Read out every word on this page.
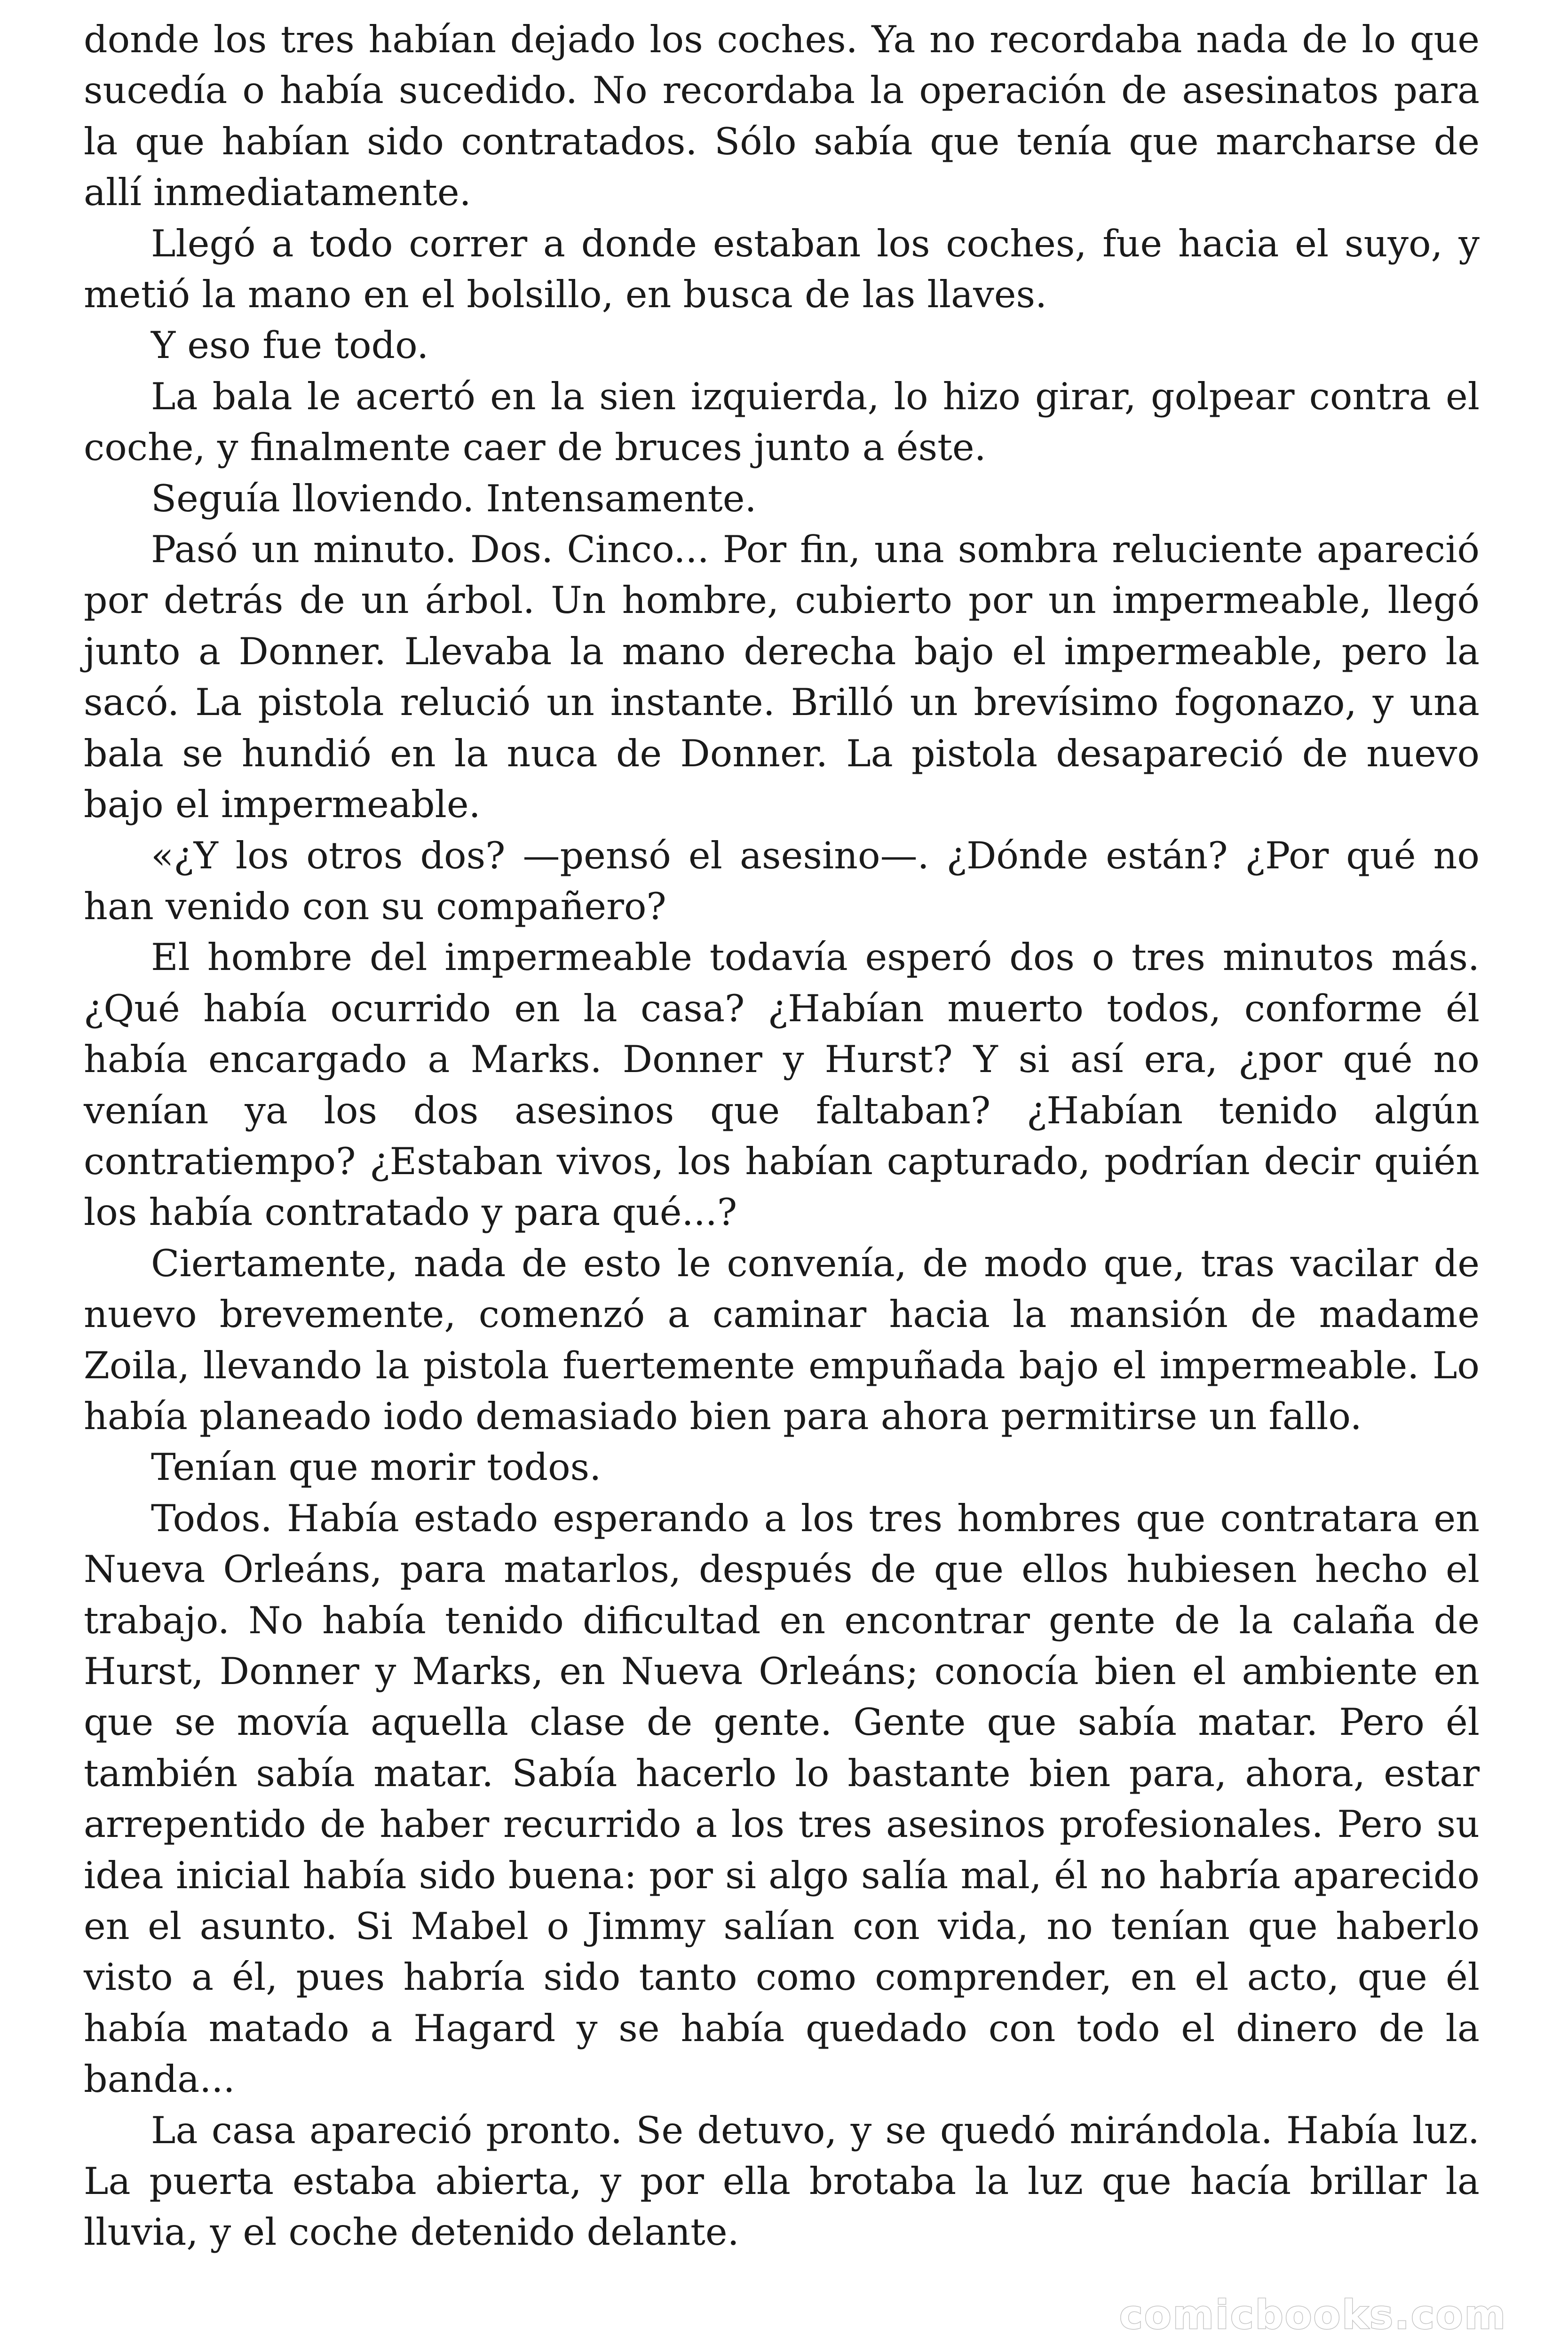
donde los tres habían dejado los coches. Ya no recordaba nada de lo que sucedía o había sucedido. No recordaba la operación de asesinatos para la que habían sido contratados. Sólo sabía que tenía que marcharse de allí inmediatamente.

Llegó a todo correr a donde estaban los coches, fue hacia el suyo, y metió la mano en el bolsillo, en busca de las llaves.

Y eso fue todo.

La bala le acertó en la sien izquierda, lo hizo girar, golpear contra el coche, y finalmente caer de bruces junto a éste.

Seguía lloviendo. Intensamente.

Pasó un minuto. Dos. Cinco... Por fin, una sombra reluciente apareció por detrás de un árbol. Un hombre, cubierto por un impermeable, llegó junto a Donner. Llevaba la mano derecha bajo el impermeable, pero la sacó. La pistola relució un instante. Brilló un brevísimo fogonazo, y una bala se hundió en la nuca de Donner. La pistola desapareció de nuevo bajo el impermeable.

«¿Y los otros dos? —pensó el asesino—. ¿Dónde están? ¿Por qué no han venido con su compañero?

El hombre del impermeable todavía esperó dos o tres minutos más. ¿Qué había ocurrido en la casa? ¿Habían muerto todos, conforme él había encargado a Marks. Donner y Hurst? Y si así era, ¿por qué no venían ya los dos asesinos que faltaban? ¿Habían tenido algún contratiempo? ¿Estaban vivos, los habían capturado, podrían decir quién los había contratado y para qué...?

Ciertamente, nada de esto le convenía, de modo que, tras vacilar de nuevo brevemente, comenzó a caminar hacia la mansión de madame Zoila, llevando la pistola fuertemente empuñada bajo el impermeable. Lo había planeado iodo demasiado bien para ahora permitirse un fallo.

Tenían que morir todos.

Todos. Había estado esperando a los tres hombres que contratara en Nueva Orleáns, para matarlos, después de que ellos hubiesen hecho el trabajo. No había tenido dificultad en encontrar gente de la calaña de Hurst, Donner y Marks, en Nueva Orleáns; conocía bien el ambiente en que se movía aquella clase de gente. Gente que sabía matar. Pero él también sabía matar. Sabía hacerlo lo bastante bien para, ahora, estar arrepentido de haber recurrido a los tres asesinos profesionales. Pero su idea inicial había sido buena: por si algo salía mal, él no habría aparecido en el asunto. Si Mabel o Jimmy salían con vida, no tenían que haberlo visto a él, pues habría sido tanto como comprender, en el acto, que él había matado a Hagard y se había quedado con todo el dinero de la banda...

La casa apareció pronto. Se detuvo, y se quedó mirándola. Había luz. La puerta estaba abierta, y por ella brotaba la luz que hacía brillar la lluvia, y el coche detenido delante.

comicbooks.com
